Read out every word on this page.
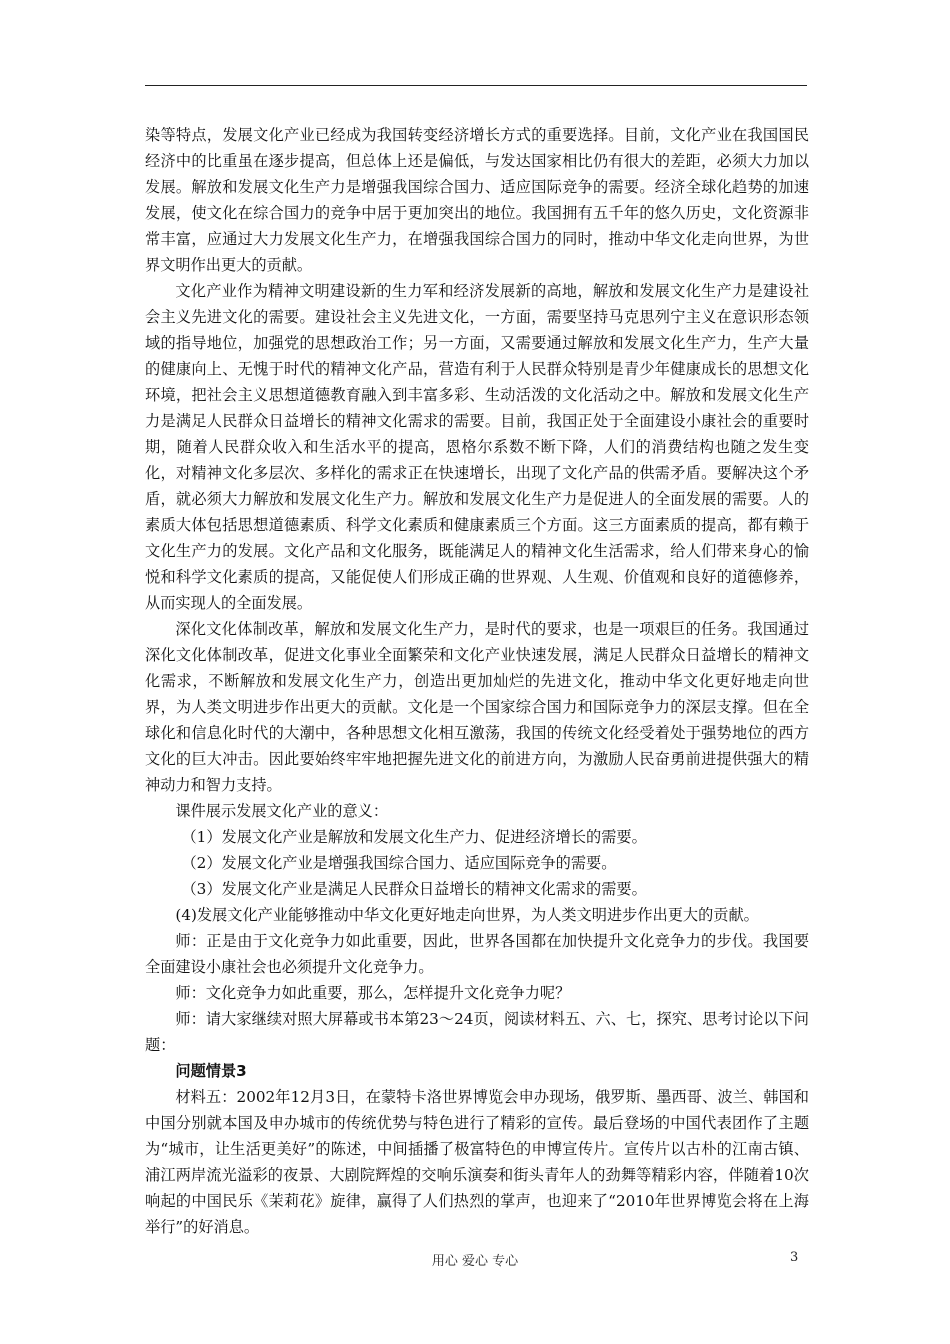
染等特点，发展文化产业已经成为我国转变经济增长方式的重要选择。目前，文化产业在我国国民经济中的比重虽在逐步提高，但总体上还是偏低，与发达国家相比仍有很大的差距，必须大力加以发展。解放和发展文化生产力是增强我国综合国力、适应国际竞争的需要。经济全球化趋势的加速发展，使文化在综合国力的竞争中居于更加突出的地位。我国拥有五千年的悠久历史，文化资源非常丰富，应通过大力发展文化生产力，在增强我国综合国力的同时，推动中华文化走向世界，为世界文明作出更大的贡献。

文化产业作为精神文明建设新的生力军和经济发展新的高地，解放和发展文化生产力是建设社会主义先进文化的需要。建设社会主义先进文化，一方面，需要坚持马克思列宁主义在意识形态领域的指导地位，加强党的思想政治工作；另一方面，又需要通过解放和发展文化生产力，生产大量的健康向上、无愧于时代的精神文化产品，营造有利于人民群众特别是青少年健康成长的思想文化环境，把社会主义思想道德教育融入到丰富多彩、生动活泼的文化活动之中。解放和发展文化生产力是满足人民群众日益增长的精神文化需求的需要。目前，我国正处于全面建设小康社会的重要时期，随着人民群众收入和生活水平的提高，恩格尔系数不断下降，人们的消费结构也随之发生变化，对精神文化多层次、多样化的需求正在快速增长，出现了文化产品的供需矛盾。要解决这个矛盾，就必须大力解放和发展文化生产力。解放和发展文化生产力是促进人的全面发展的需要。人的素质大体包括思想道德素质、科学文化素质和健康素质三个方面。这三方面素质的提高，都有赖于文化生产力的发展。文化产品和文化服务，既能满足人的精神文化生活需求，给人们带来身心的愉悦和科学文化素质的提高，又能促使人们形成正确的世界观、人生观、价值观和良好的道德修养，从而实现人的全面发展。

深化文化体制改革，解放和发展文化生产力，是时代的要求，也是一项艰巨的任务。我国通过深化文化体制改革，促进文化事业全面繁荣和文化产业快速发展，满足人民群众日益增长的精神文化需求，不断解放和发展文化生产力，创造出更加灿烂的先进文化，推动中华文化更好地走向世界，为人类文明进步作出更大的贡献。文化是一个国家综合国力和国际竞争力的深层支撑。但在全球化和信息化时代的大潮中，各种思想文化相互激荡，我国的传统文化经受着处于强势地位的西方文化的巨大冲击。因此要始终牢牢地把握先进文化的前进方向，为激励人民奋勇前进提供强大的精神动力和智力支持。

课件展示发展文化产业的意义：

（1）发展文化产业是解放和发展文化生产力、促进经济增长的需要。

（2）发展文化产业是增强我国综合国力、适应国际竞争的需要。

（3）发展文化产业是满足人民群众日益增长的精神文化需求的需要。

(4)发展文化产业能够推动中华文化更好地走向世界，为人类文明进步作出更大的贡献。

师：正是由于文化竞争力如此重要，因此，世界各国都在加快提升文化竞争力的步伐。我国要全面建设小康社会也必须提升文化竞争力。

师：文化竞争力如此重要，那么，怎样提升文化竞争力呢？

师：请大家继续对照大屏幕或书本第23～24页，阅读材料五、六、七，探究、思考讨论以下问题：

问题情景3

材料五：2002年12月3日，在蒙特卡洛世界博览会申办现场，俄罗斯、墨西哥、波兰、韩国和中国分别就本国及申办城市的传统优势与特色进行了精彩的宣传。最后登场的中国代表团作了主题为“城市，让生活更美好”的陈述，中间插播了极富特色的申博宣传片。宣传片以古朴的江南古镇、浦江两岸流光溢彩的夜景、大剧院辉煌的交响乐演奏和街头青年人的劲舞等精彩内容，伴随着10次响起的中国民乐《茉莉花》旋律，赢得了人们热烈的掌声，也迎来了“2010年世界博览会将在上海举行”的好消息。

用心 爱心 专心	3
